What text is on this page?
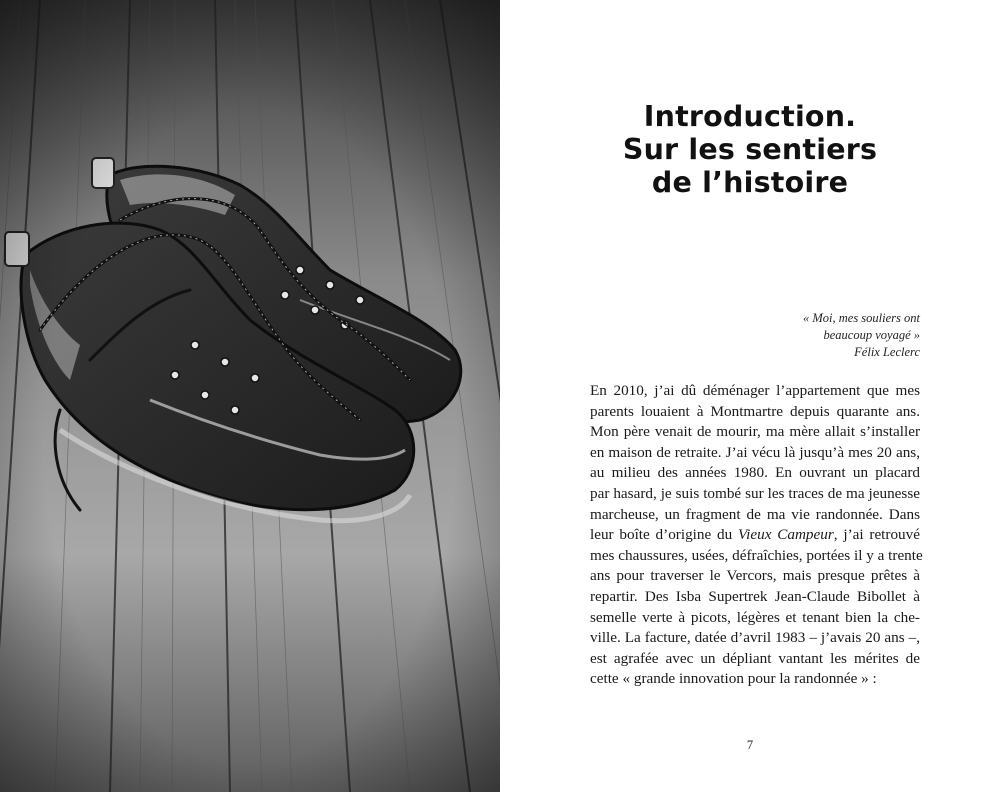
Introduction.
Sur les sentiers
de l’histoire
« Moi, mes souliers ont
beaucoup voyagé »
Félix Leclerc
En 2010, j’ai dû déménager l’appartement que mes
parents louaient à Montmartre depuis quarante ans.
Mon père venait de mourir, ma mère allait s’installer
en maison de retraite. J’ai vécu là jusqu’à mes 20 ans,
au milieu des années 1980. En ouvrant un placard
par hasard, je suis tombé sur les traces de ma jeunesse
marcheuse, un fragment de ma vie randonnée. Dans
leur boîte d’origine du Vieux Campeur, j’ai retrouvé
mes chaussures, usées, défraîchies, portées il y a trente
ans pour traverser le Vercors, mais presque prêtes à
repartir. Des Isba Supertrek Jean-Claude Bibollet à
semelle verte à picots, légères et tenant bien la che-
ville. La facture, datée d’avril 1983 – j’avais 20 ans –,
est agrafée avec un dépliant vantant les mérites de
cette « grande innovation pour la randonnée » :
7
